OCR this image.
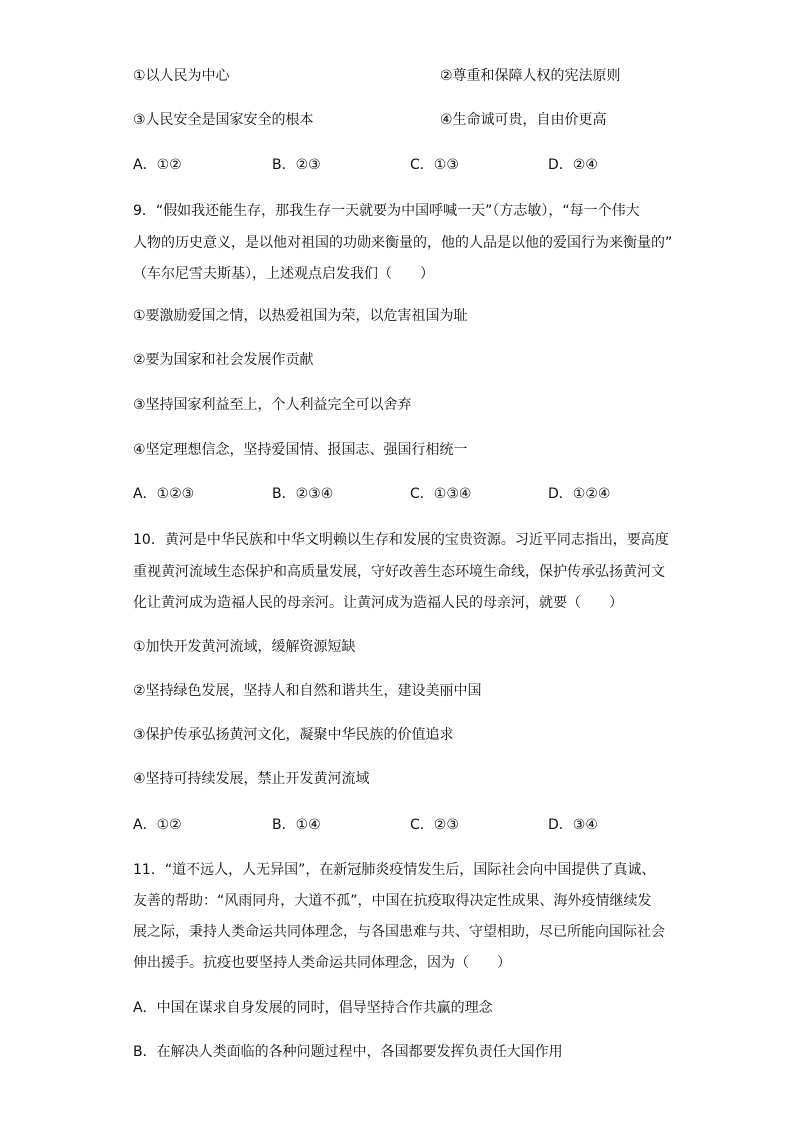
①以人民为中心	②尊重和保障人权的宪法原则
③人民安全是国家安全的根本	④生命诚可贵，自由价更高
A．①②	B．②③	C．①③	D．②④
9．“假如我还能生存，那我生存一天就要为中国呼喊一天”（方志敏），“每一个伟大
人物的历史意义，是以他对祖国的功勋来衡量的，他的人品是以他的爱国行为来衡量的”
（车尔尼雪夫斯基），上述观点启发我们（　　）
①要激励爱国之情，以热爱祖国为荣，以危害祖国为耻
②要为国家和社会发展作贡献
③坚持国家利益至上，个人利益完全可以舍弃
④坚定理想信念，坚持爱国情、报国志、强国行相统一
A．①②③	B．②③④	C．①③④	D．①②④
10．黄河是中华民族和中华文明赖以生存和发展的宝贵资源。习近平同志指出，要高度
重视黄河流域生态保护和高质量发展，守好改善生态环境生命线，保护传承弘扬黄河文
化让黄河成为造福人民的母亲河。让黄河成为造福人民的母亲河，就要（　　）
①加快开发黄河流域，缓解资源短缺
②坚持绿色发展，坚持人和自然和谐共生，建设美丽中国
③保护传承弘扬黄河文化，凝聚中华民族的价值追求
④坚持可持续发展，禁止开发黄河流域
A．①②	B．①④	C．②③	D．③④
11．“道不远人，人无异国”，在新冠肺炎疫情发生后，国际社会向中国提供了真诚、
友善的帮助：“风雨同舟，大道不孤”，中国在抗疫取得决定性成果、海外疫情继续发
展之际，秉持人类命运共同体理念，与各国患难与共、守望相助，尽已所能向国际社会
伸出援手。抗疫也要坚持人类命运共同体理念，因为（　　）
A．中国在谋求自身发展的同时，倡导坚持合作共赢的理念
B．在解决人类面临的各种问题过程中，各国都要发挥负责任大国作用
